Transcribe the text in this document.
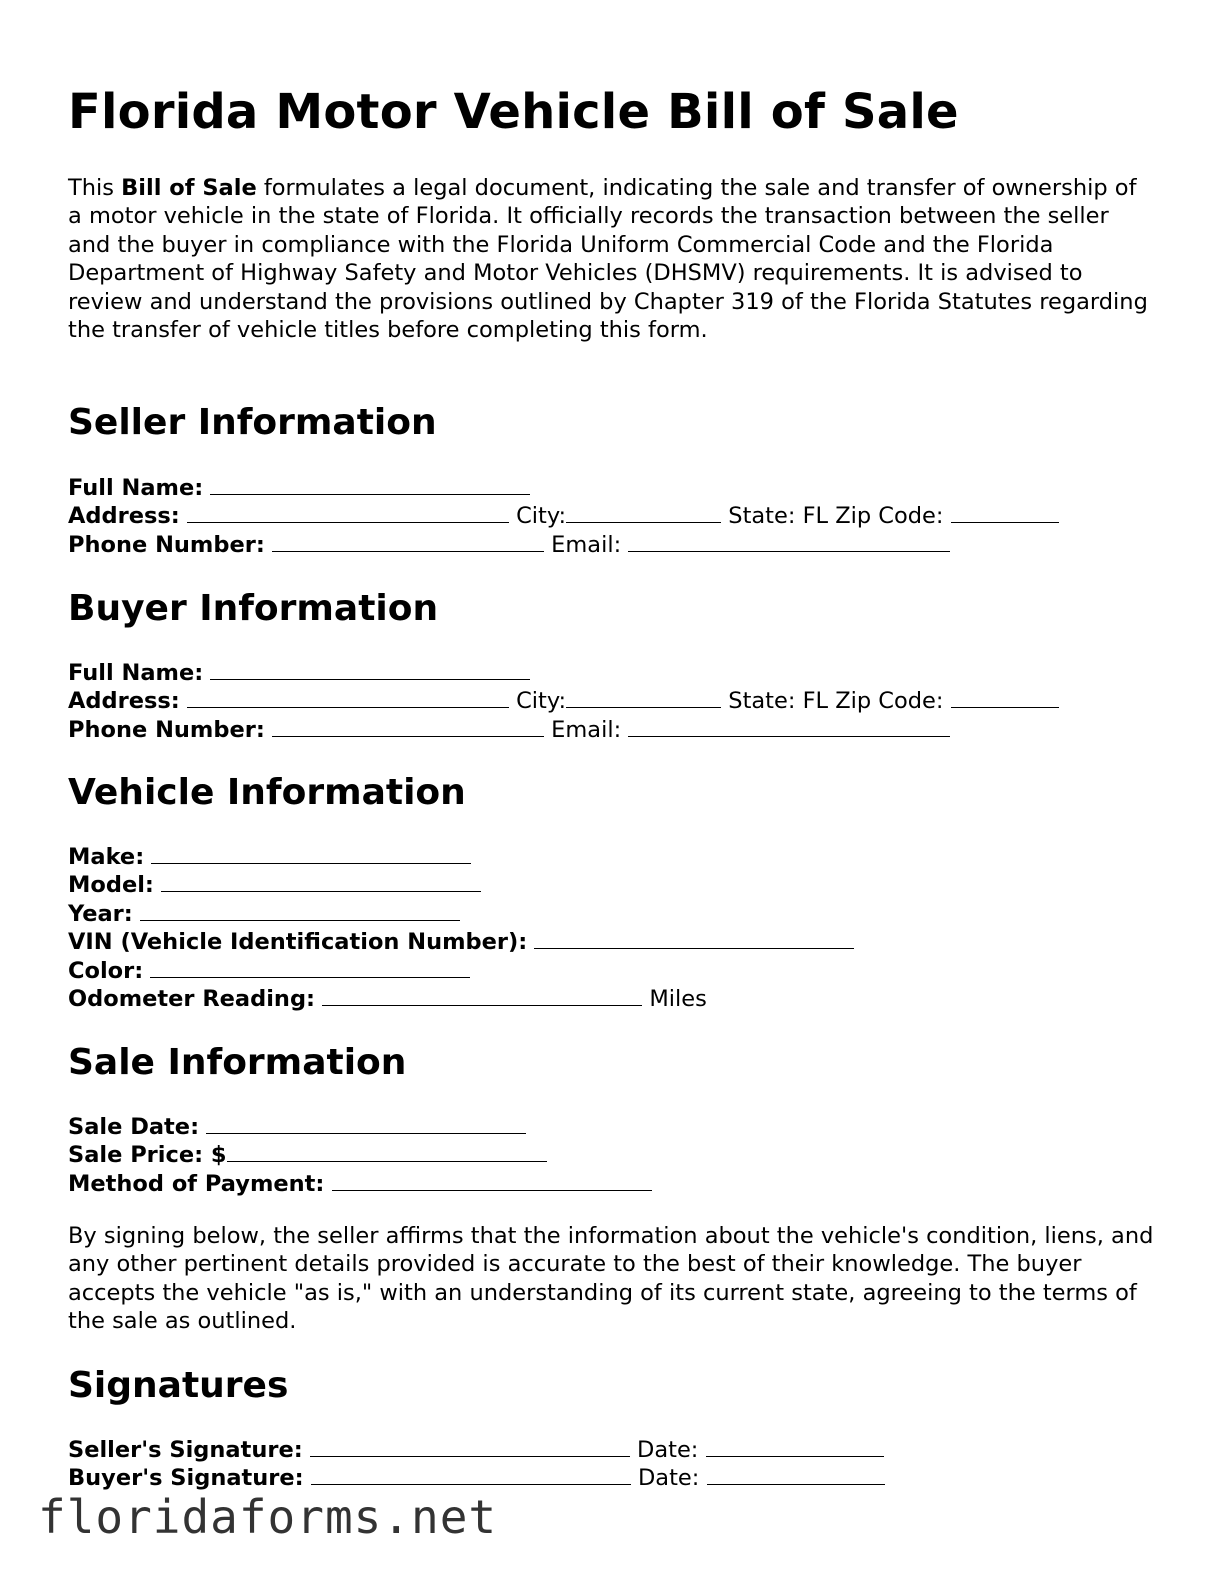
Florida Motor Vehicle Bill of Sale

This Bill of Sale formulates a legal document, indicating the sale and transfer of ownership of a motor vehicle in the state of Florida. It officially records the transaction between the seller and the buyer in compliance with the Florida Uniform Commercial Code and the Florida Department of Highway Safety and Motor Vehicles (DHSMV) requirements. It is advised to review and understand the provisions outlined by Chapter 319 of the Florida Statutes regarding the transfer of vehicle titles before completing this form.

Seller Information
Full Name:
Address:	City:	State: FL Zip Code:
Phone Number:	Email:
Buyer Information
Full Name:
Address:	City:	State: FL Zip Code:
Phone Number:	Email:
Vehicle Information
Make:
Model:
Year:
VIN (Vehicle Identification Number):
Color:
Odometer Reading:	Miles
Sale Information
Sale Date:
Sale Price: $
Method of Payment:

By signing below, the seller affirms that the information about the vehicle's condition, liens, and any other pertinent details provided is accurate to the best of their knowledge. The buyer accepts the vehicle "as is," with an understanding of its current state, agreeing to the terms of the sale as outlined.

Signatures
Seller's Signature:	Date:
Buyer's Signature:	Date:
floridaforms.net
